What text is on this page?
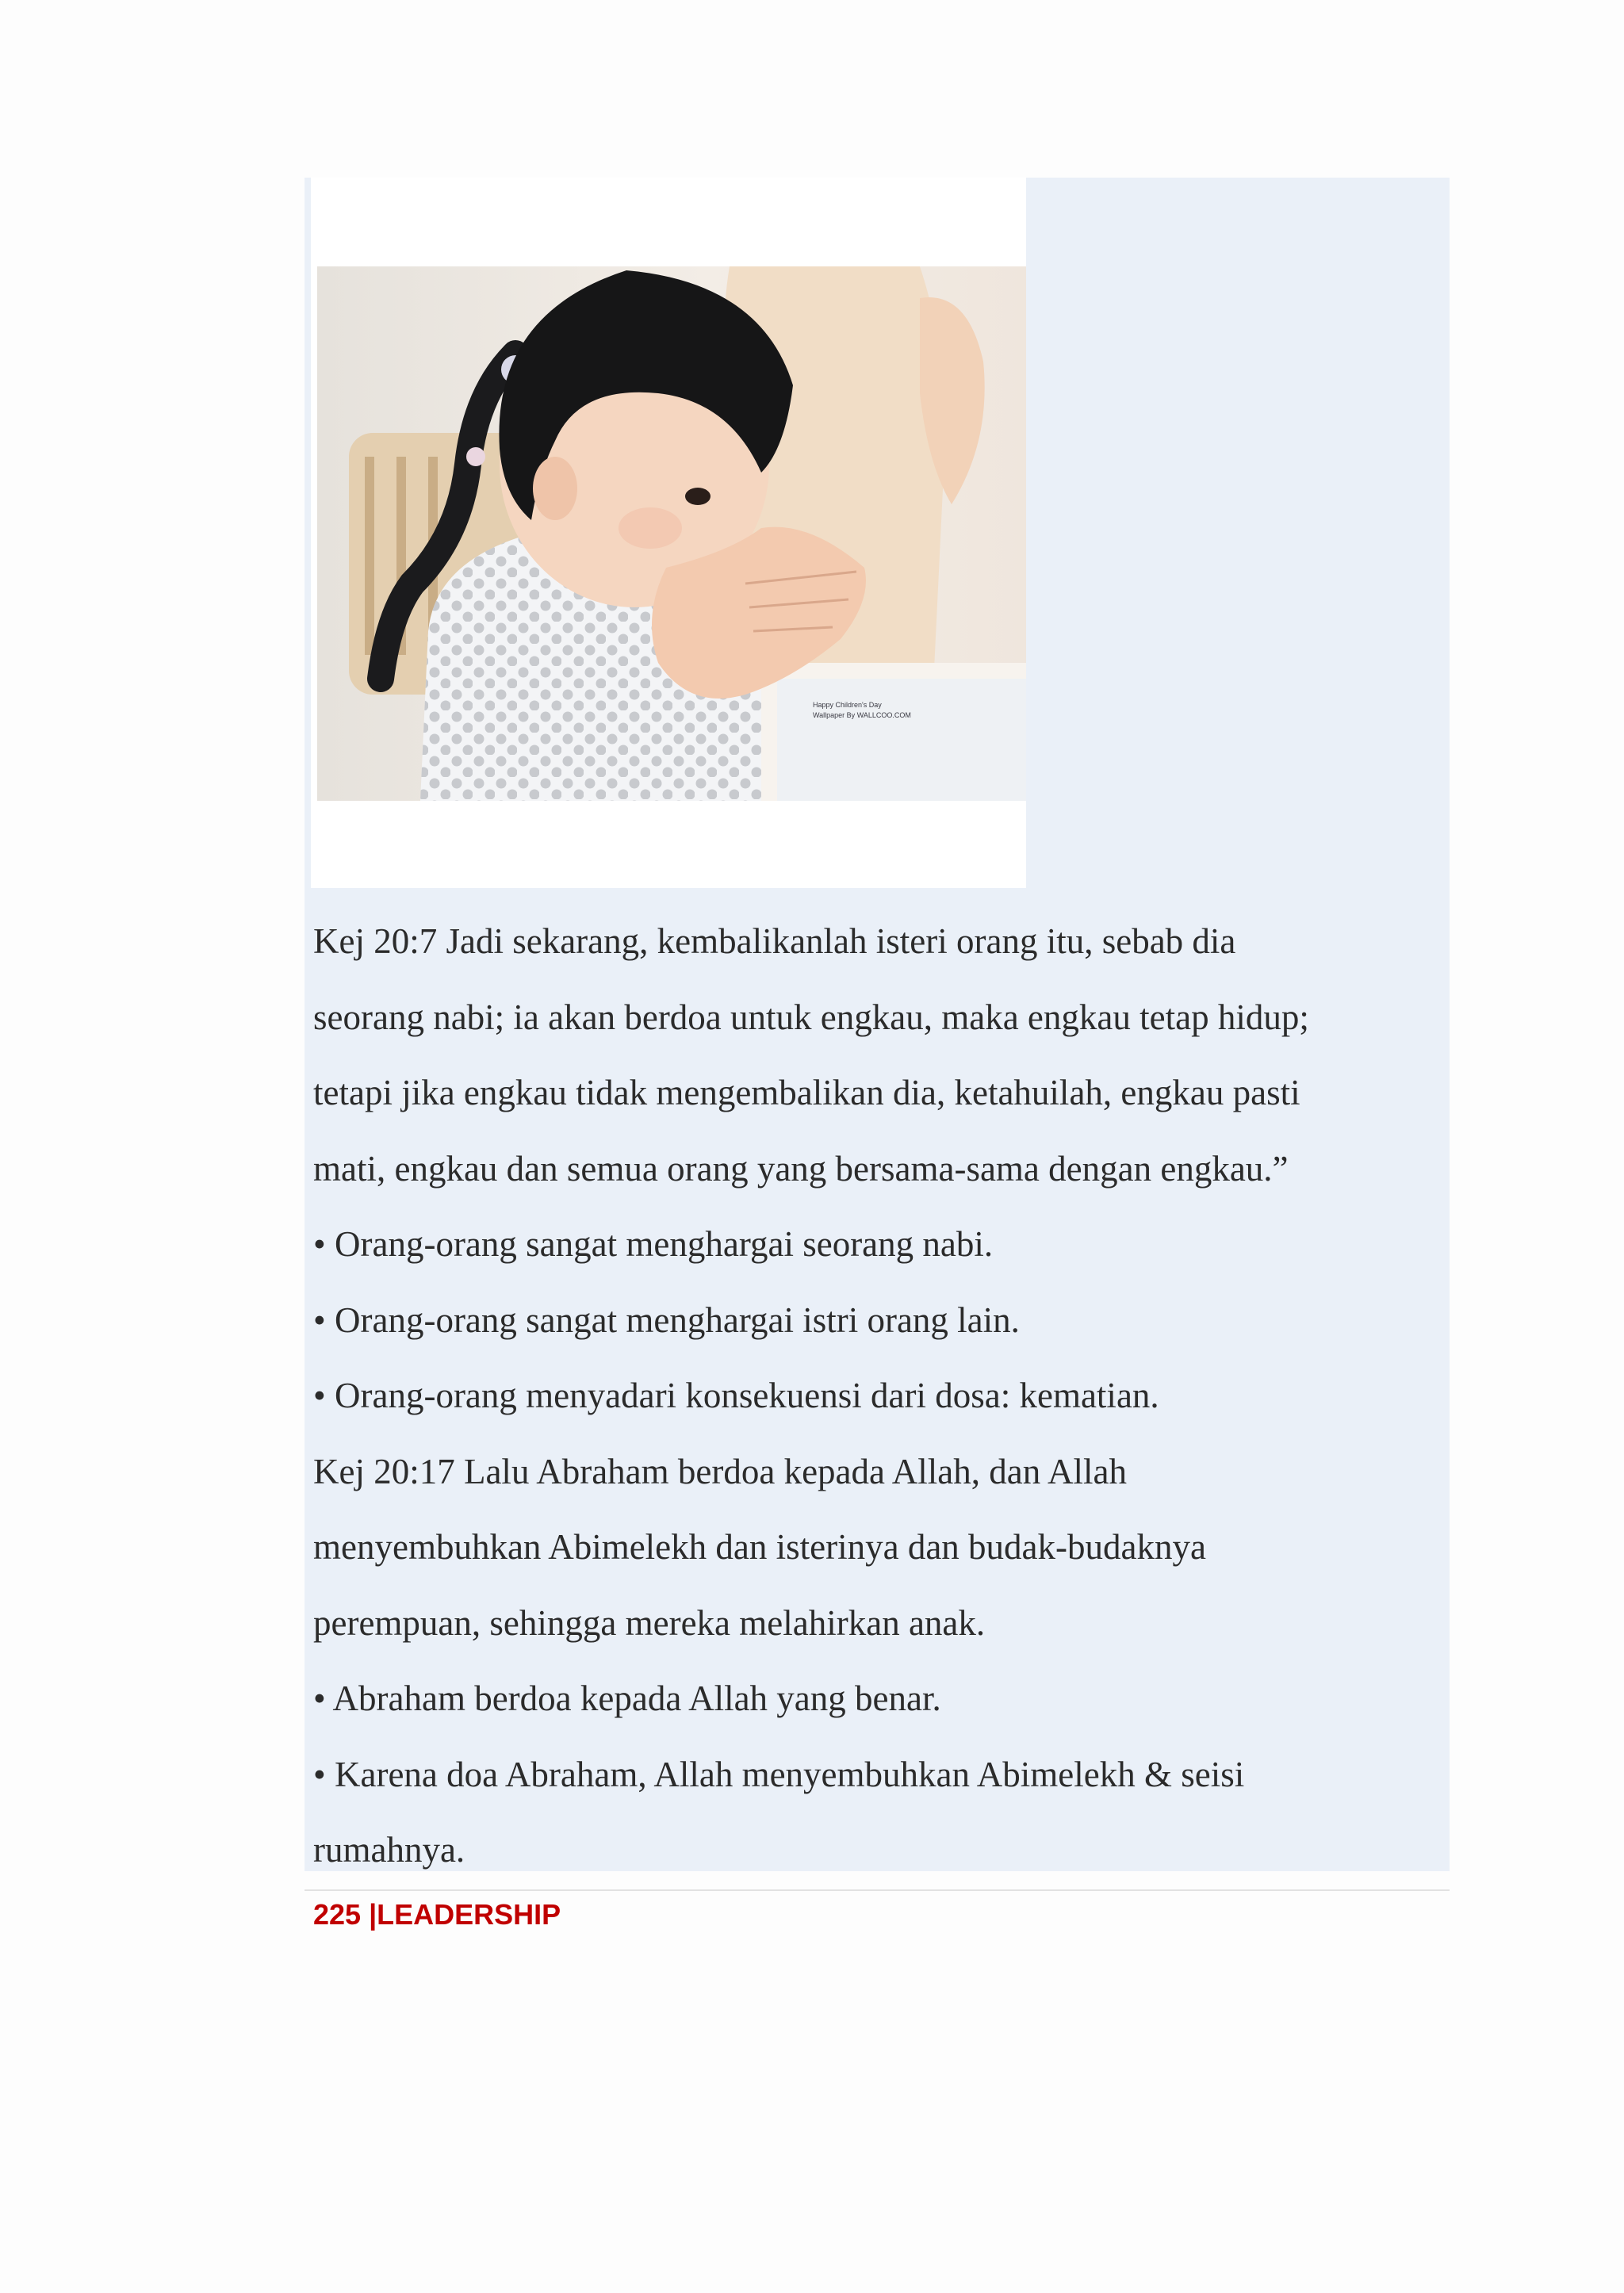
Happy Children's Day
Wallpaper By WALLCOO.COM
Kej 20:7 Jadi sekarang, kembalikanlah isteri orang itu, sebab dia
seorang nabi; ia akan berdoa untuk engkau, maka engkau tetap hidup;
tetapi jika engkau tidak mengembalikan dia, ketahuilah, engkau pasti
mati, engkau dan semua orang yang bersama-sama dengan engkau.”
• Orang-orang sangat menghargai seorang nabi.
• Orang-orang sangat menghargai istri orang lain.
• Orang-orang menyadari konsekuensi dari dosa: kematian.
Kej 20:17 Lalu Abraham berdoa kepada Allah, dan Allah
menyembuhkan Abimelekh dan isterinya dan budak-budaknya
perempuan, sehingga mereka melahirkan anak.
• Abraham berdoa kepada Allah yang benar.
• Karena doa Abraham, Allah menyembuhkan Abimelekh & seisi
rumahnya.
225 |LEADERSHIP
